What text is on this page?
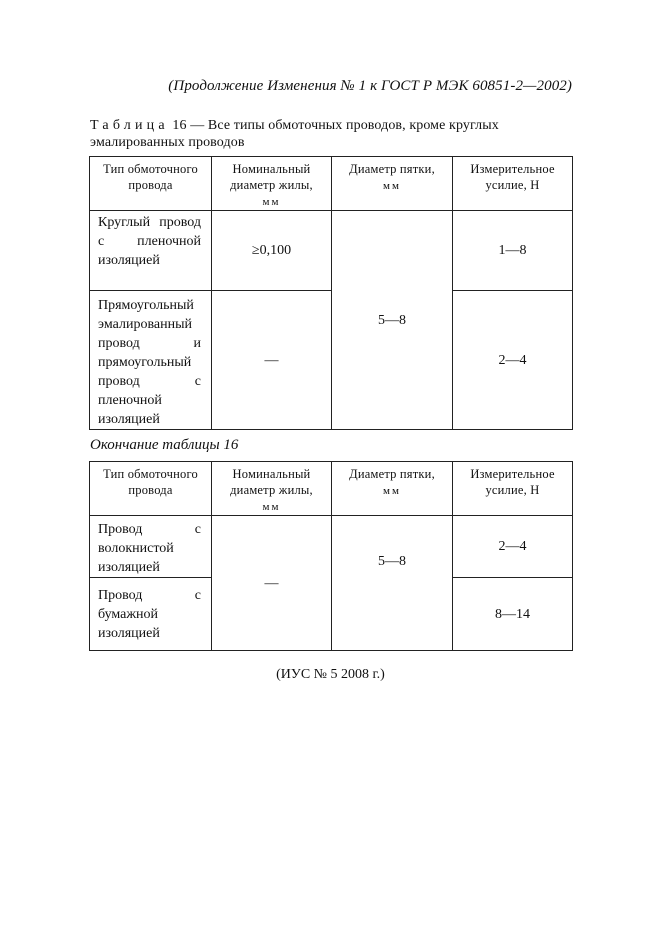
(Продолжение Изменения № 1 к ГОСТ Р МЭК 60851-2—2002)
Таблица 16 — Все типы обмоточных проводов, кроме круглых эмалированных проводов
Тип обмоточного
провода	Номинальный
диаметр жилы,
мм	Диаметр пятки,
мм	Измерительное
усилие, Н
Круглый провод с пленочной изоляцией	≥0,100	5—8	1—8
Прямоугольный эмалированный провод и прямоугольный провод с пленочной изоляцией	—		2—4
Окончание таблицы 16
Тип обмоточного
провода	Номинальный
диаметр жилы,
мм	Диаметр пятки,
мм	Измерительное
усилие, Н
Провод с волокнистой изоляцией	—	5—8	2—4
Провод с бумажной изоляцией			8—14
(ИУС № 5 2008 г.)
